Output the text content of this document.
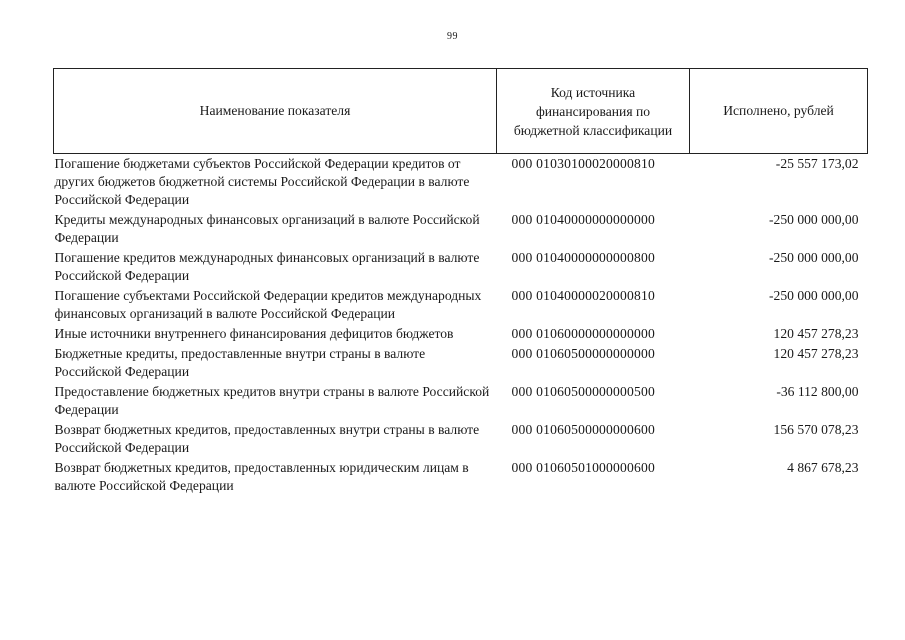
99
Наименование показателя	Код источника финансирования по бюджетной классификации	Исполнено, рублей
Погашение бюджетами субъектов Российской Федерации кредитов от других бюджетов бюджетной системы Российской Федерации в валюте Российской Федерации	000 01030100020000810	-25 557 173,02
Кредиты международных финансовых организаций в валюте Российской Федерации	000 01040000000000000	-250 000 000,00
Погашение кредитов международных финансовых организаций в валюте Российской Федерации	000 01040000000000800	-250 000 000,00
Погашение субъектами Российской Федерации кредитов международных финансовых организаций в валюте Российской Федерации	000 01040000020000810	-250 000 000,00
Иные источники внутреннего финансирования дефицитов бюджетов	000 01060000000000000	120 457 278,23
Бюджетные кредиты, предоставленные внутри страны в валюте Российской Федерации	000 01060500000000000	120 457 278,23
Предоставление бюджетных кредитов внутри страны в валюте Российской Федерации	000 01060500000000500	-36 112 800,00
Возврат бюджетных кредитов, предоставленных внутри страны в валюте Российской Федерации	000 01060500000000600	156 570 078,23
Возврат бюджетных кредитов, предоставленных юридическим лицам в валюте Российской Федерации	000 01060501000000600	4 867 678,23
